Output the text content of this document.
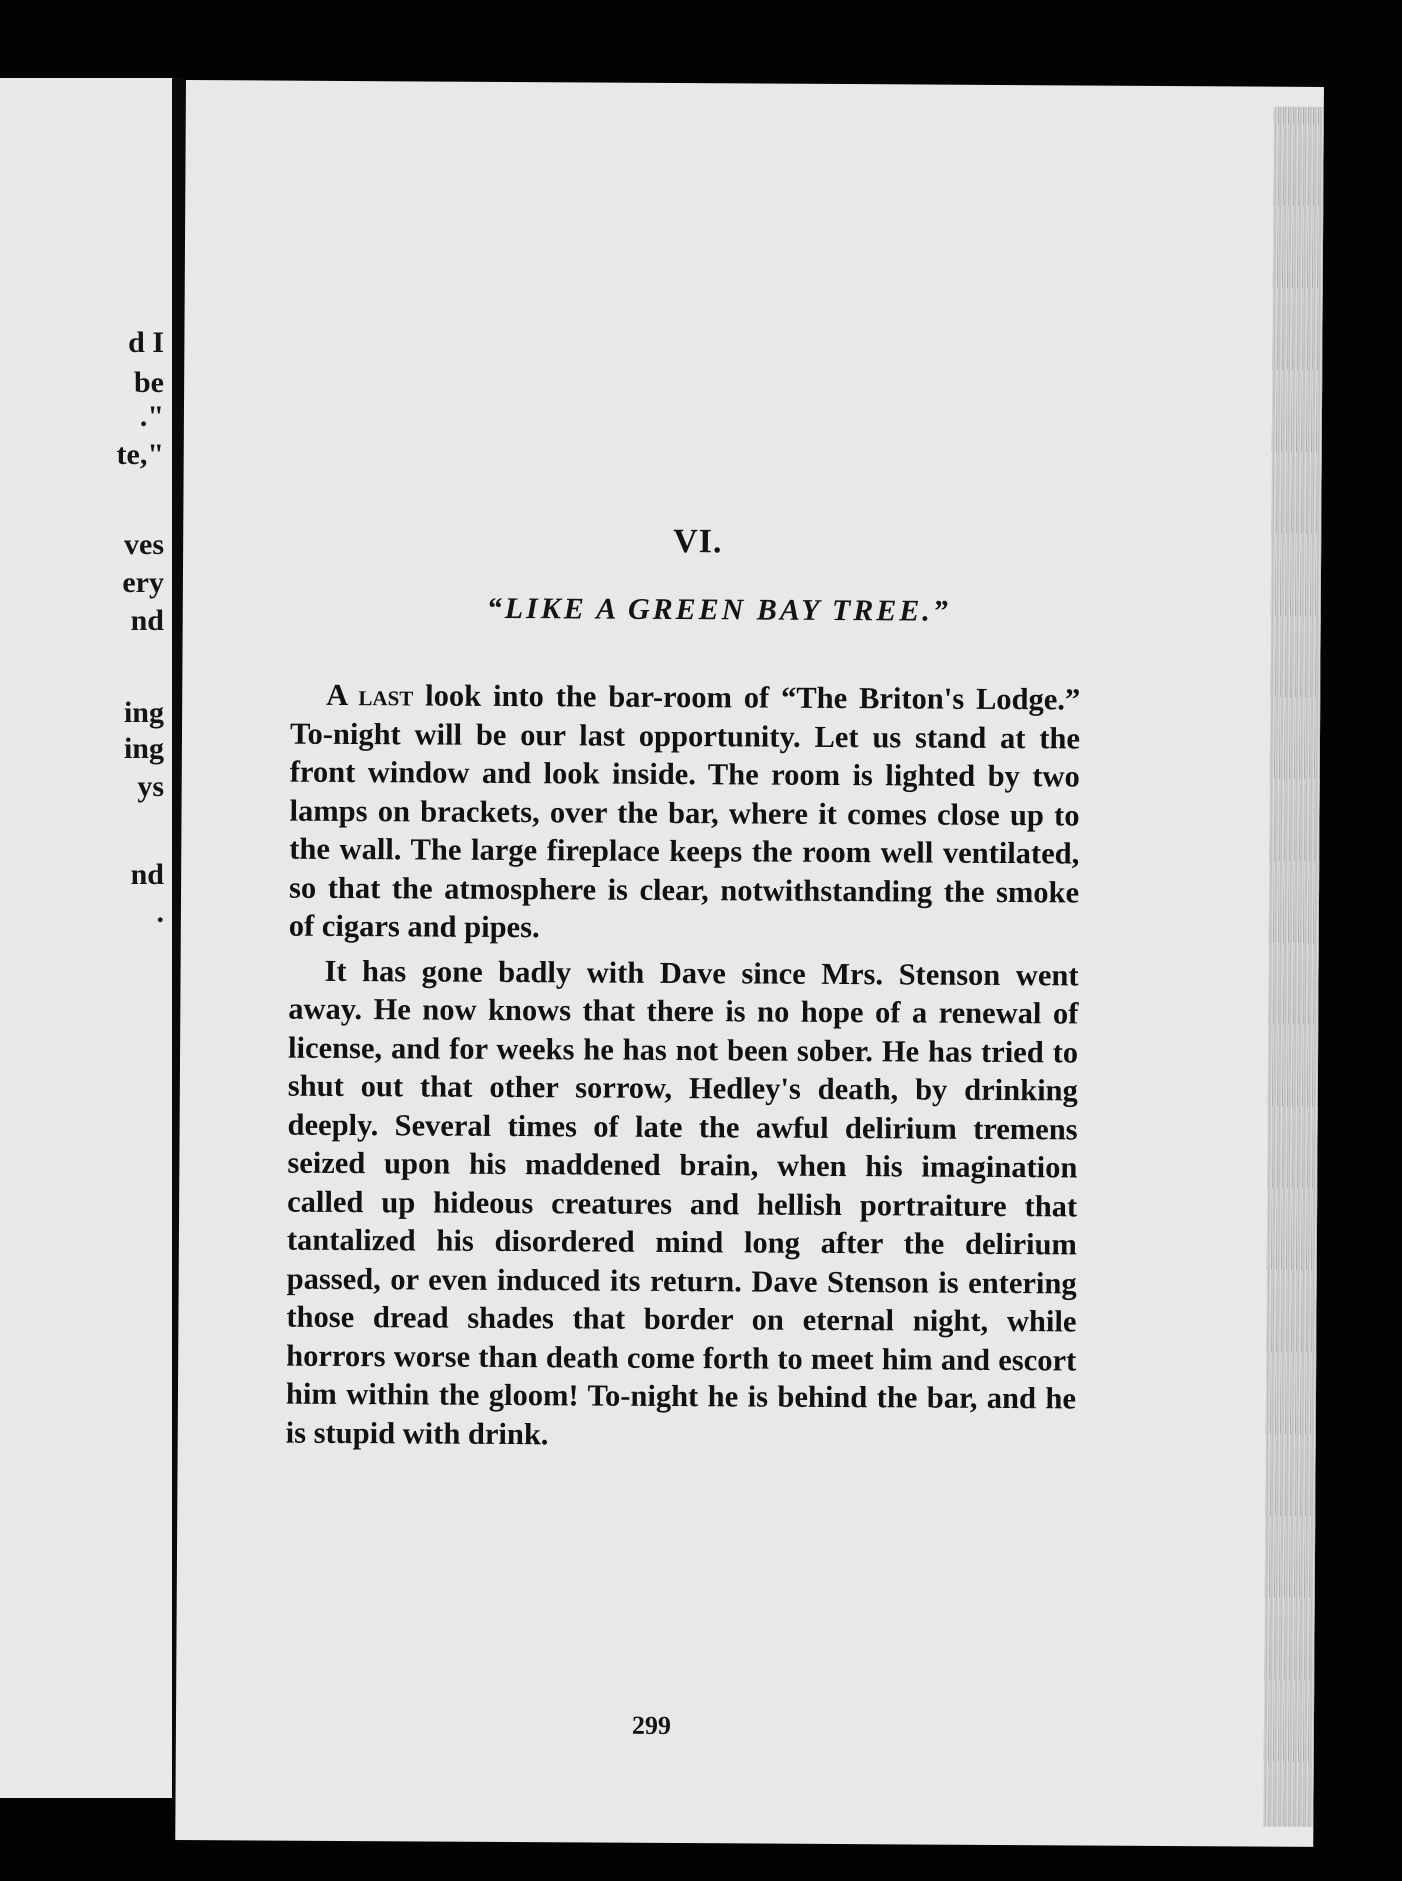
d I
be
."
te,"
ves
ery
nd
ing
ing
ys
nd
.
VI.
“LIKE A GREEN BAY TREE.”

A last look into the bar-room of “The Briton's Lodge.” To-night will be our last opportunity. Let us stand at the front window and look inside. The room is lighted by two lamps on brackets, over the bar, where it comes close up to the wall. The large fireplace keeps the room well ventilated, so that the atmosphere is clear, notwithstanding the smoke of cigars and pipes.

It has gone badly with Dave since Mrs. Stenson went away. He now knows that there is no hope of a renewal of license, and for weeks he has not been sober. He has tried to shut out that other sorrow, Hedley's death, by drinking deeply. Several times of late the awful delirium tremens seized upon his maddened brain, when his imagination called up hideous creatures and hellish portraiture that tantalized his disordered mind long after the delirium passed, or even induced its return. Dave Stenson is entering those dread shades that border on eternal night, while horrors worse than death come forth to meet him and escort him within the gloom! To-night he is behind the bar, and he is stupid with drink.

299
